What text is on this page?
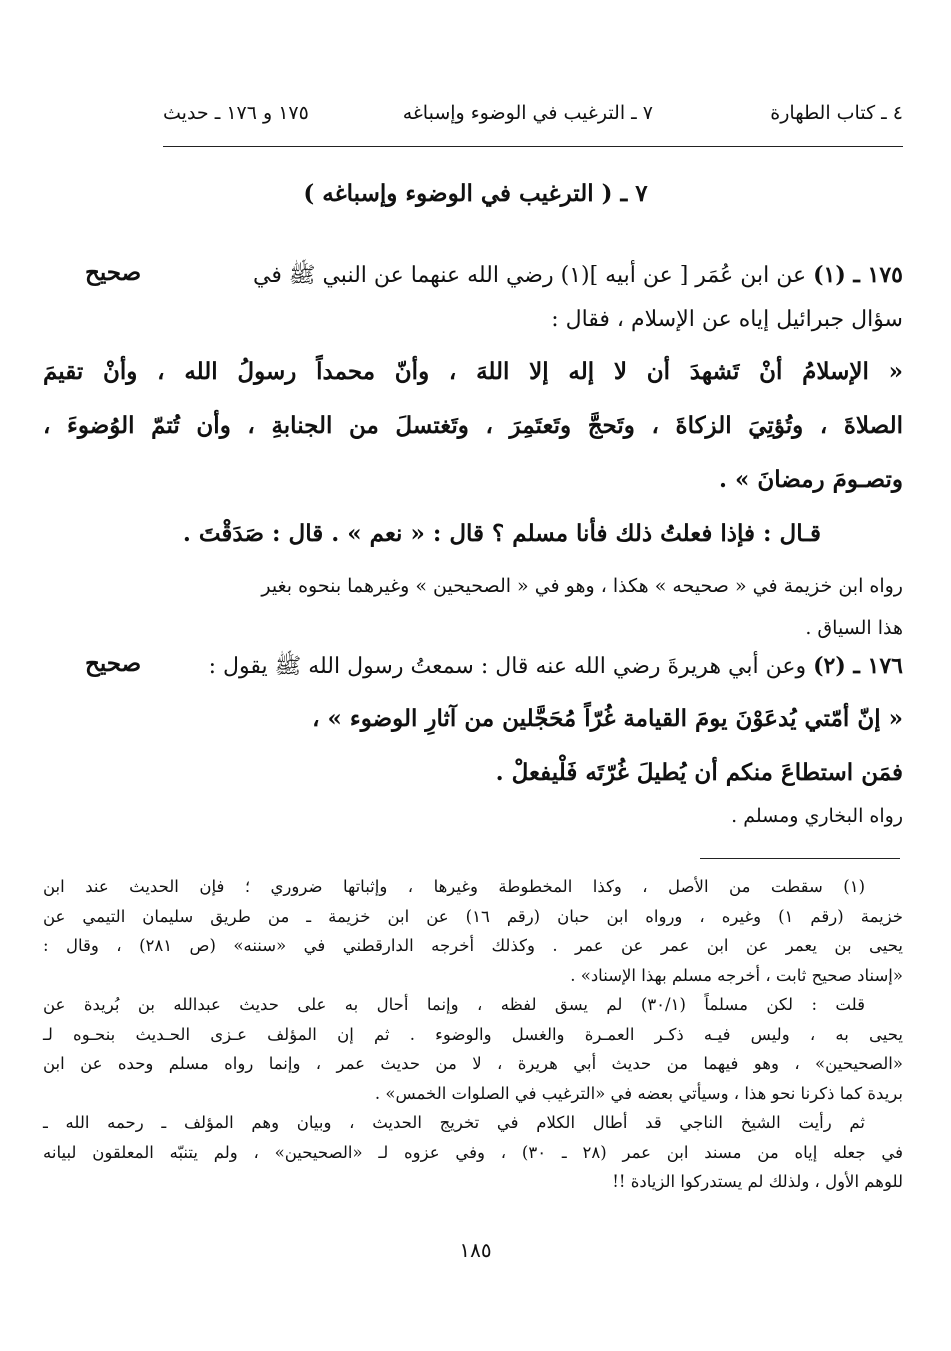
٤ ـ كتاب الطهارة
٧ ـ الترغيب في الوضوء وإسباغه
١٧٥ و ١٧٦ ـ حديث
٧ ـ ( الترغيب في الوضوء وإسباغه )
صحيح	١٧٥ ـ (١) عن ابن عُمَر [ عن أبيه ](١) رضي الله عنهما عن النبي ﷺ في
سؤال جبرائيل إياه عن الإسلام ، فقال :
« الإسلامُ أنْ تَشهدَ أن لا إله إلا اللهَ ، وأنّ محمداً رسولُ الله ، وأنْ تقيمَ
الصلاةَ ، وتُؤتِيَ الزكاةَ ، وتَحجَّ وتَعتَمِرَ ، وتَغتسلَ من الجنابةِ ، وأن تُتمّ الوُضوءَ ،
وتصـومَ رمضانَ » .
قـال : فإذا فعلتُ ذلك فأنا مسلم ؟ قال : « نعم » . قال : صَدَقْتَ .
رواه ابن خزيمة في « صحيحه » هكذا ، وهو في « الصحيحين » وغيرهما بنحوه بغير
هذا السياق .
صحيح	١٧٦ ـ (٢) وعن أبي هريرةَ رضي الله عنه قال : سمعتُ رسول الله ﷺ يقول :
« إنّ أمّتي يُدعَوْنَ يومَ القيامة غُرّاً مُحَجَّلين من آثارِ الوضوء » ،
فمَن استطاعَ منكم أن يُطيلَ غُرّتَه فَلْيفعلْ .
رواه البخاري ومسلم .
(١) سقطت من الأصل ، وكذا المخطوطة وغيرها ، وإثباتها ضروري ؛ فإن الحديث عند ابن
خزيمة (رقم ١) وغيره ، ورواه ابن حبان (رقم ١٦) عن ابن خزيمة ـ من طريق سليمان التيمي عن
يحيى بن يعمر عن ابن عمر عن عمر . وكذلك أخرجه الدارقطني في «سننه» (ص ٢٨١) ، وقال :
«إسناد صحيح ثابت ، أخرجه مسلم بهذا الإسناد» .
قلت : لكن مسلماً (٣٠/١) لم يسق لفظه ، وإنما أحال به على حديث عبدالله بن بُريدة عن
يحيى به ، وليس فيـه ذكـر العمـرة والغسل والوضوء . ثم إن المؤلف عـزى الحـديث بنحـوه لـ
«الصحيحين» ، وهو فيهما من حديث أبي هريرة ، لا من حديث عمر ، وإنما رواه مسلم وحده عن ابن
بريدة كما ذكرنا نحو هذا ، وسيأتي بعضه في «الترغيب في الصلوات الخمس» .
ثم رأيت الشيخ الناجي قد أطال الكلام في تخريج الحديث ، وبيان وهم المؤلف ـ رحمه الله ـ
في جعله إياه من مسند ابن عمر (٢٨ ـ ٣٠) ، وفي عزوه لـ «الصحيحين» ، ولم يتنبّه المعلقون لبيانه
للوهم الأول ، ولذلك لم يستدركوا الزيادة !!
١٨٥
